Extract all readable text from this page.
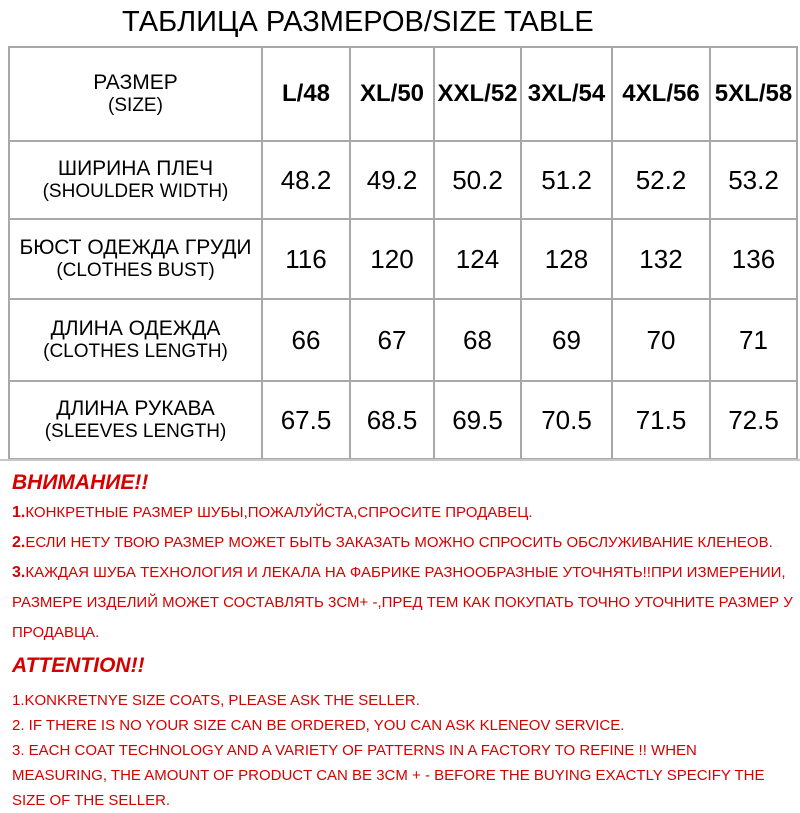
ТАБЛИЦА РАЗМЕРОВ/SIZE TABLE
РАЗМЕР
(SIZE)	L/48	XL/50	XXL/52	3XL/54	4XL/56	5XL/58

ШИРИНА ПЛЕЧ
(SHOULDER WIDTH)	48.2	49.2	50.2	51.2	52.2	53.2

БЮСТ ОДЕЖДА ГРУДИ
(CLOTHES BUST)	116	120	124	128	132	136

ДЛИНА ОДЕЖДА
(CLOTHES LENGTH)	66	67	68	69	70	71

ДЛИНА РУКАВА
(SLEEVES LENGTH)	67.5	68.5	69.5	70.5	71.5	72.5
ВНИМАНИЕ!!
1.КОНКРЕТНЫЕ РАЗМЕР ШУБЫ,ПОЖАЛУЙСТА,СПРОСИТЕ ПРОДАВЕЦ.
2.ЕСЛИ НЕТУ ТВОЮ РАЗМЕР МОЖЕТ БЫТЬ ЗАКАЗАТЬ МОЖНО СПРОСИТЬ ОБСЛУЖИВАНИЕ КЛЕНЕОВ.
3.КАЖДАЯ ШУБА ТЕХНОЛОГИЯ И ЛЕКАЛА НА ФАБРИКЕ РАЗНООБРАЗНЫЕ УТОЧНЯТЬ!!ПРИ ИЗМЕРЕНИИ, РАЗМЕРЕ ИЗДЕЛИЙ МОЖЕТ СОСТАВЛЯТЬ 3СМ+ -,ПРЕД ТЕМ КАК ПОКУПАТЬ ТОЧНО УТОЧНИТЕ РАЗМЕР У ПРОДАВЦА.
ATTENTION!!
1.KONKRETNYE SIZE COATS, PLEASE ASK THE SELLER.
2. IF THERE IS NO YOUR SIZE CAN BE ORDERED, YOU CAN ASK KLENEOV SERVICE.
3. EACH COAT TECHNOLOGY AND A VARIETY OF PATTERNS IN A FACTORY TO REFINE !! WHEN MEASURING, THE AMOUNT OF PRODUCT CAN BE 3CM + - BEFORE THE BUYING EXACTLY SPECIFY THE SIZE OF THE SELLER.
